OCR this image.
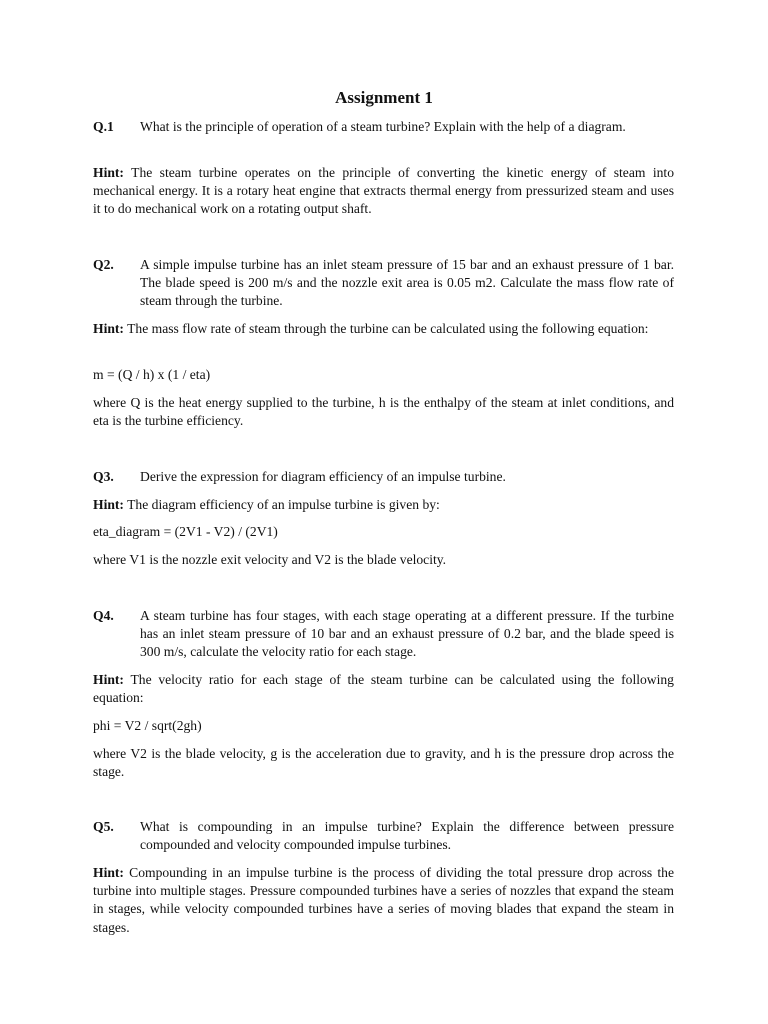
Assignment 1
Q.1	What is the principle of operation of a steam turbine? Explain with the help of a diagram.

Hint: The steam turbine operates on the principle of converting the kinetic energy of steam into mechanical energy. It is a rotary heat engine that extracts thermal energy from pressurized steam and uses it to do mechanical work on a rotating output shaft.

Q2.	A simple impulse turbine has an inlet steam pressure of 15 bar and an exhaust pressure of 1 bar. The blade speed is 200 m/s and the nozzle exit area is 0.05 m2. Calculate the mass flow rate of steam through the turbine.

Hint: The mass flow rate of steam through the turbine can be calculated using the following equation:

m = (Q / h) x (1 / eta)

where Q is the heat energy supplied to the turbine, h is the enthalpy of the steam at inlet conditions, and eta is the turbine efficiency.

Q3.	Derive the expression for diagram efficiency of an impulse turbine.

Hint: The diagram efficiency of an impulse turbine is given by:

eta_diagram = (2V1 - V2) / (2V1)

where V1 is the nozzle exit velocity and V2 is the blade velocity.

Q4.	A steam turbine has four stages, with each stage operating at a different pressure. If the turbine has an inlet steam pressure of 10 bar and an exhaust pressure of 0.2 bar, and the blade speed is 300 m/s, calculate the velocity ratio for each stage.

Hint: The velocity ratio for each stage of the steam turbine can be calculated using the following equation:

phi = V2 / sqrt(2gh)

where V2 is the blade velocity, g is the acceleration due to gravity, and h is the pressure drop across the stage.

Q5.	What is compounding in an impulse turbine? Explain the difference between pressure compounded and velocity compounded impulse turbines.

Hint: Compounding in an impulse turbine is the process of dividing the total pressure drop across the turbine into multiple stages. Pressure compounded turbines have a series of nozzles that expand the steam in stages, while velocity compounded turbines have a series of moving blades that expand the steam in stages.
